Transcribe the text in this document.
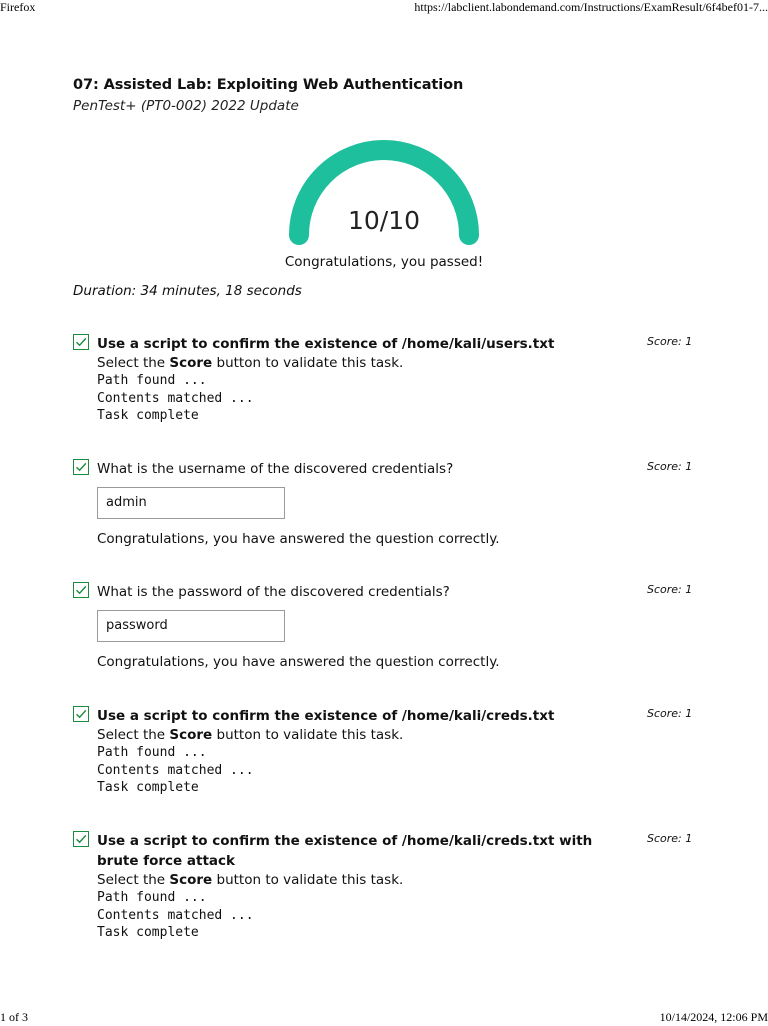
Firefox	https://labclient.labondemand.com/Instructions/ExamResult/6f4bef01-7...
07: Assisted Lab: Exploiting Web Authentication
PenTest+ (PT0-002) 2022 Update
10/10
Congratulations, you passed!
Duration: 34 minutes, 18 seconds
Use a script to confirm the existence of /home/kali/users.txt	Score: 1
Select the Score button to validate this task.
Path found ...
Contents matched ...
Task complete
What is the username of the discovered credentials?	Score: 1
admin
Congratulations, you have answered the question correctly.
What is the password of the discovered credentials?	Score: 1
password
Congratulations, you have answered the question correctly.
Use a script to confirm the existence of /home/kali/creds.txt	Score: 1
Select the Score button to validate this task.
Path found ...
Contents matched ...
Task complete
Use a script to confirm the existence of /home/kali/creds.txt with brute force attack
Score: 1
Select the Score button to validate this task.
Path found ...
Contents matched ...
Task complete
1 of 3	10/14/2024, 12:06 PM
